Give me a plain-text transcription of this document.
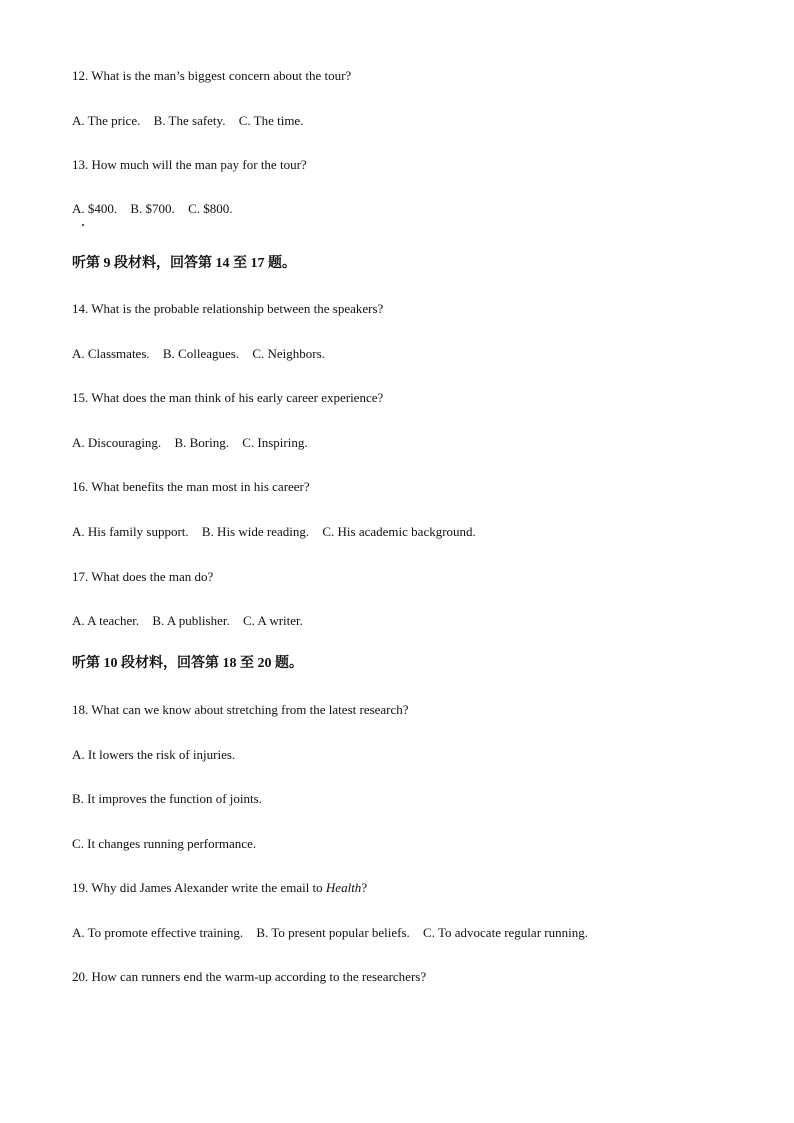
12. What is the man’s biggest concern about the tour?
A. The price. B. The safety. C. The time.
13. How much will the man pay for the tour?
A. $400. B. $700. C. $800.
听第 9 段材料，回答第 14 至 17 题。
14. What is the probable relationship between the speakers?
A. Classmates. B. Colleagues. C. Neighbors.
15. What does the man think of his early career experience?
A. Discouraging. B. Boring. C. Inspiring.
16. What benefits the man most in his career?
A. His family support. B. His wide reading. C. His academic background.
17. What does the man do?
A. A teacher. B. A publisher. C. A writer.
听第 10 段材料，回答第 18 至 20 题。
18. What can we know about stretching from the latest research?
A. It lowers the risk of injuries.
B. It improves the function of joints.
C. It changes running performance.
19. Why did James Alexander write the email to Health?
A. To promote effective training. B. To present popular beliefs. C. To advocate regular running.
20. How can runners end the warm-up according to the researchers?
